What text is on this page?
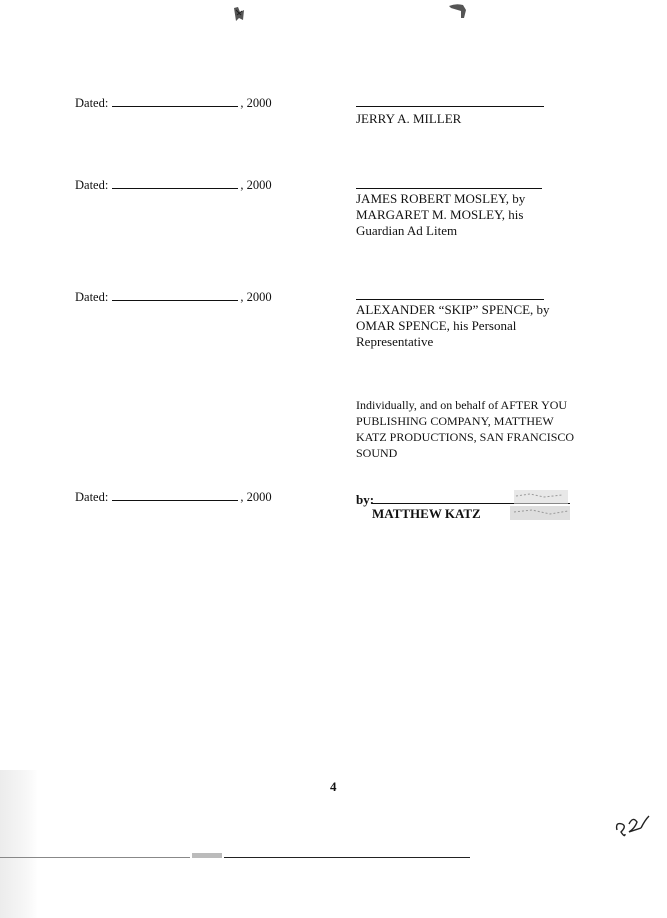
Dated:	, 2000
JERRY A. MILLER
Dated:	, 2000
JAMES ROBERT MOSLEY, by
MARGARET M. MOSLEY, his
Guardian Ad Litem
Dated:	, 2000
ALEXANDER “SKIP” SPENCE, by
OMAR SPENCE, his Personal
Representative
Individually, and on behalf of AFTER YOU
PUBLISHING COMPANY, MATTHEW
KATZ PRODUCTIONS, SAN FRANCISCO
SOUND
Dated:	, 2000	by:
MATTHEW KATZ
4
